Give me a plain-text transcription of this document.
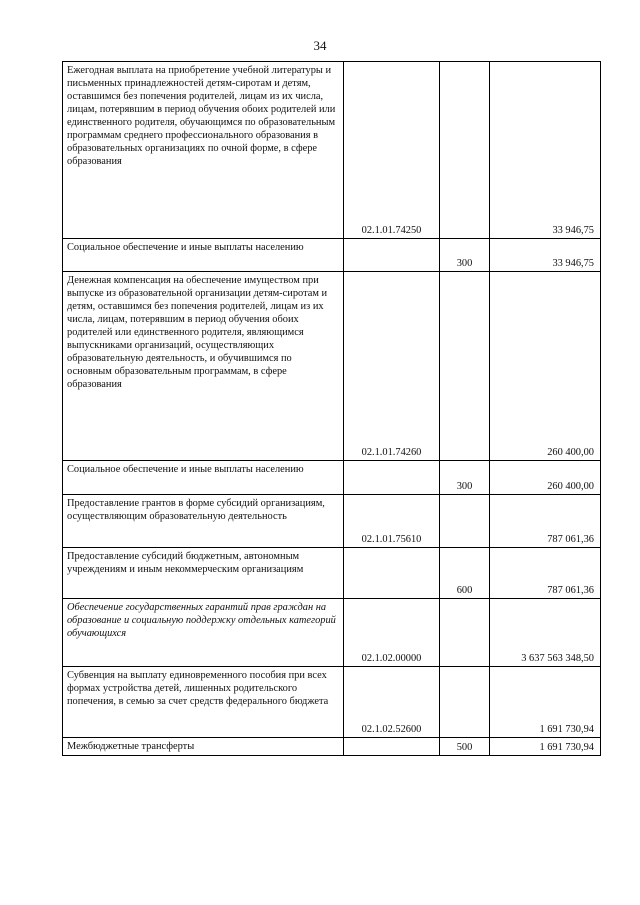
34
Ежегодная выплата на приобретение учебной литературы и письменных принадлежностей детям-сиротам и детям, оставшимся без попечения родителей, лицам из их числа, лицам, потерявшим в период обучения обоих родителей или единственного родителя, обучающимся по образовательным программам среднего профессионального образования в образовательных организациях по очной форме, в сфере образования	02.1.01.74250		33 946,75
Социальное обеспечение и иные выплаты населению		300	33 946,75
Денежная компенсация на обеспечение имуществом при выпуске из образовательной организации детям-сиротам и детям, оставшимся без попечения родителей, лицам из их числа, лицам, потерявшим в период обучения обоих родителей или единственного родителя, являющимся выпускниками организаций, осуществляющих образовательную деятельность, и обучившимся по основным образовательным программам, в сфере образования	02.1.01.74260		260 400,00
Социальное обеспечение и иные выплаты населению		300	260 400,00
Предоставление грантов в форме субсидий организациям, осуществляющим образовательную деятельность	02.1.01.75610		787 061,36
Предоставление субсидий бюджетным, автономным учреждениям и иным некоммерческим организациям		600	787 061,36
Обеспечение государственных гарантий прав граждан на образование и социальную поддержку отдельных категорий обучающихся	02.1.02.00000		3 637 563 348,50
Субвенция на выплату единовременного пособия при всех формах устройства детей, лишенных родительского попечения, в семью за счет средств федерального бюджета	02.1.02.52600		1 691 730,94
Межбюджетные трансферты		500	1 691 730,94
